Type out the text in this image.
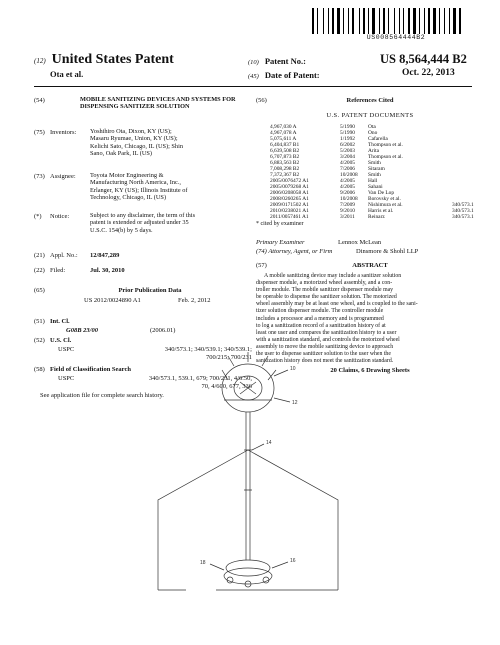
US008564444B2
(12) United States Patent
Ota et al.
(10) Patent No.:	US 8,564,444 B2
(45) Date of Patent:	Oct. 22, 2013
(54)	MOBILE SANITIZING DEVICES AND SYSTEMS FOR DISPENSING SANITIZER SOLUTION
(75) Inventors: Yoshihiro Ota, Dixon, KY (US);
Masaru Ryumae, Union, KY (US);
Kelichi Sato, Chicago, IL (US); Shin
Sano, Oak Park, IL (US)
(73) Assignee: Toyota Motor Engineering &
Manufacturing North America, Inc.,
Erlanger, KY (US); Illinois Institute of
Technology, Chicago, IL (US)
(*) Notice:	Subject to any disclaimer, the term of this
patent is extended or adjusted under 35
U.S.C. 154(b) by 5 days.
(21) Appl. No.: 12/847,289
(22) Filed:	Jul. 30, 2010
(65)	Prior Publication Data
US 2012/0024890 A1	Feb. 2, 2012
(51) Int. Cl.
G08B 23/00	(2006.01)
(52) U.S. Cl.
USPC	340/573.1; 340/539.1; 340/539.1;
700/215; 700/231
(58) Field of Classification Search
USPC	340/573.1, 539.1, 679; 700/231, 4/6.50,
70, 4/600, 677, 336
See application file for complete search history.
(56)	References Cited
U.S. PATENT DOCUMENTS
4,967,030 A	5/1990 Ota
4,967,078 A	5/1990 Ono
5,075,611 A	1/1992 Cafarella
6,404,837 B1	6/2002 Thompson et al.
6,639,508 B2	5/2003 Arita
6,707,873 B2	3/2004 Thompson et al.
6,883,563 B2	4/2005 Smith
7,008,298 B2	7/2006 Sitaram
7,372,367 B2	10/2008 Smith
2005/0076472 A1	4/2005 Hall
2005/0079268 A1	4/2005 Sahani
2006/0208058 A1	9/2006 Van De Lop
2008/0260265 A1	10/2008 Borovsky et al.
2009/0171502 A1	7/2009 Nishimura et al.	340/573.1
2010/0238021 A1	9/2010 Harris et al.	340/573.1
2011/0057461 A1	3/2011 Reinarz	340/573.1
* cited by examiner
Primary Examiner	Lennox McLean
(74) Attorney, Agent, or Firm	Dinsmore & Shohl LLP
(57)	ABSTRACT
A mobile sanitizing device may include a sanitizer solution
dispenser module, a motorized wheel assembly, and a con-
troller module. The mobile sanitizer dispenser module may
be operable to dispense the sanitizer solution. The motorized
wheel assembly may be at least one wheel, and is coupled to the sani-
tizer solution dispenser module. The controller module
includes a processor and a memory and is programmed
to log a sanitization record of a sanitization history of at
least one user and compares the sanitization history to a user
with a sanitization standard, and controls the motorized wheel
assembly to move the mobile sanitizing device to approach
the user to dispense sanitizer solution to the user when the
sanitization history does not meet the sanitization standard.
20 Claims, 6 Drawing Sheets
10
12
14
16
18
